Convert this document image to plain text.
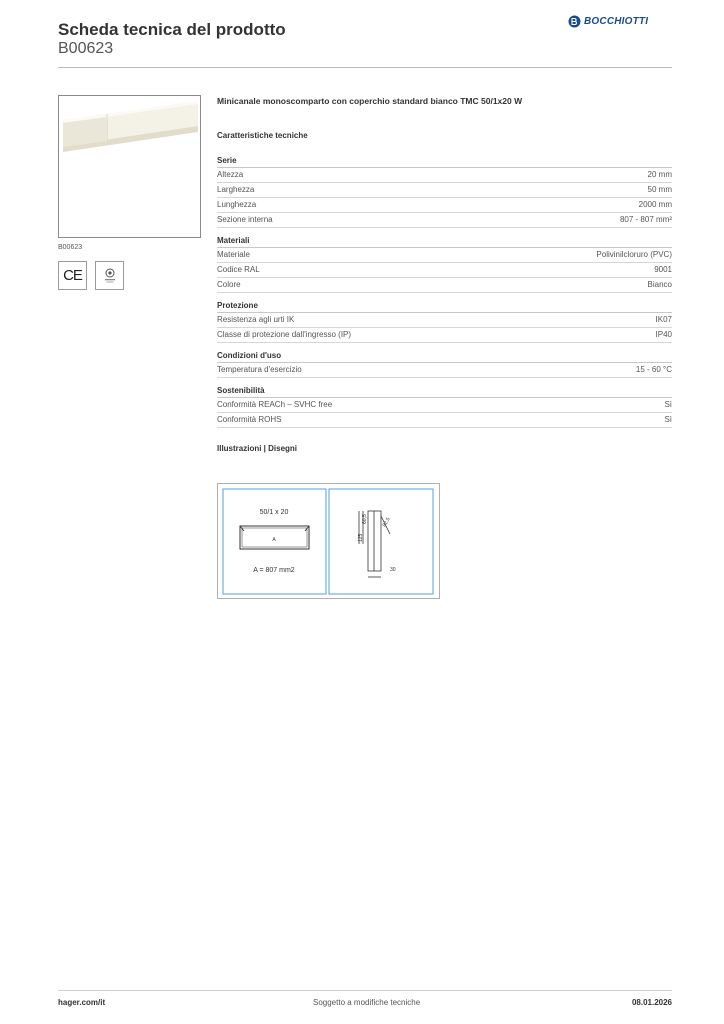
Scheda tecnica del prodotto
B00623
BOCCHIOTTI
B00623
CE
Minicanale monoscomparto con coperchio standard bianco TMC 50/1x20 W
Caratteristiche tecniche
Serie
Altezza	20 mm
Larghezza	50 mm
Lunghezza	2000 mm
Sezione interna	807 - 807 mm²
Materiali
Materiale	Polivinilcloruro (PVC)
Codice RAL	9001
Colore	Bianco
Protezione
Resistenza agli urti IK	IK07
Classe di protezione dall'ingresso (IP)	IP40
Condizioni d'uso
Temperatura d'esercizio	15 - 60 °C
Sostenibilità
Conformità REACh – SVHC free	Sì
Conformità ROHS	Sì
Illustrazioni | Disegni
50/1 x 20
A
A = 807 mm2
125
60,5	82,5
30
hager.com/it	Soggetto a modifiche tecniche	08.01.2026
